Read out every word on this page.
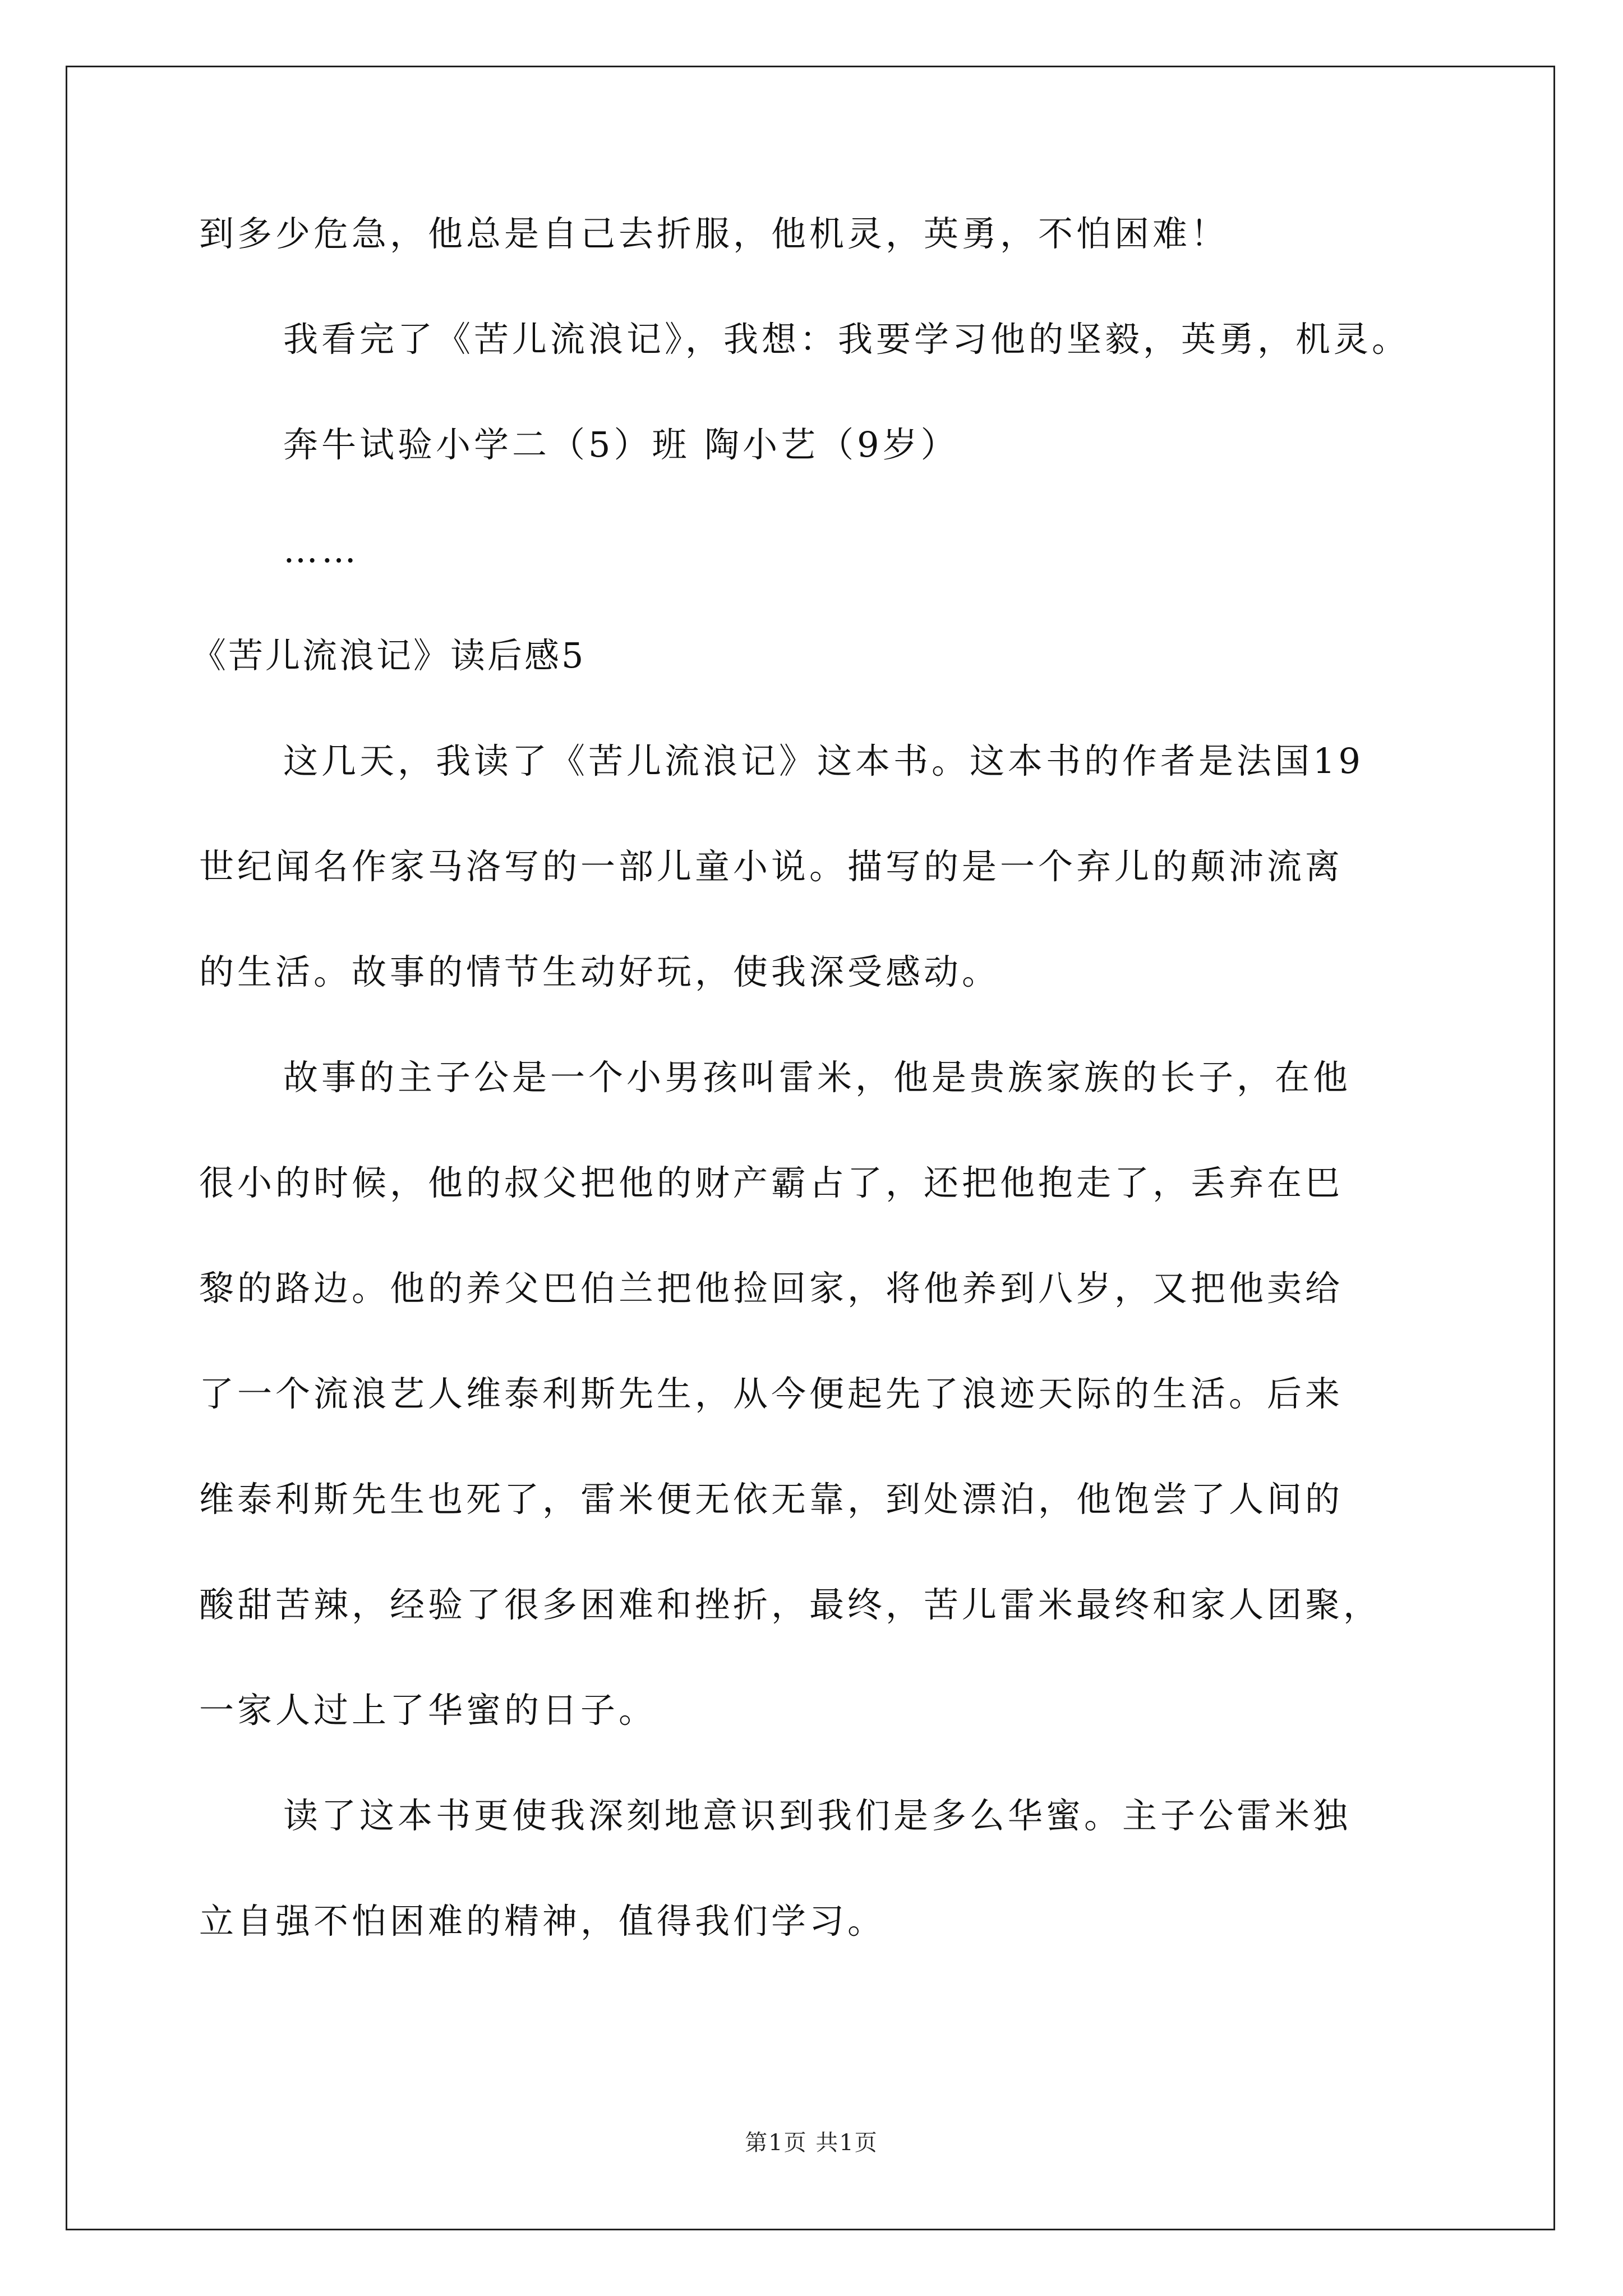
到多少危急，他总是自己去折服，他机灵，英勇，不怕困难！
我看完了《苦儿流浪记》，我想：我要学习他的坚毅，英勇，机灵。
奔牛试验小学二（5）班 陶小艺（9岁）
……
《苦儿流浪记》读后感5
这几天，我读了《苦儿流浪记》这本书。这本书的作者是法国19
世纪闻名作家马洛写的一部儿童小说。描写的是一个弃儿的颠沛流离
的生活。故事的情节生动好玩，使我深受感动。
故事的主子公是一个小男孩叫雷米，他是贵族家族的长子，在他
很小的时候，他的叔父把他的财产霸占了，还把他抱走了，丢弃在巴
黎的路边。他的养父巴伯兰把他捡回家，将他养到八岁，又把他卖给
了一个流浪艺人维泰利斯先生，从今便起先了浪迹天际的生活。后来
维泰利斯先生也死了，雷米便无依无靠，到处漂泊，他饱尝了人间的
酸甜苦辣，经验了很多困难和挫折，最终，苦儿雷米最终和家人团聚，
一家人过上了华蜜的日子。
读了这本书更使我深刻地意识到我们是多么华蜜。主子公雷米独
立自强不怕困难的精神，值得我们学习。
第1页 共1页
